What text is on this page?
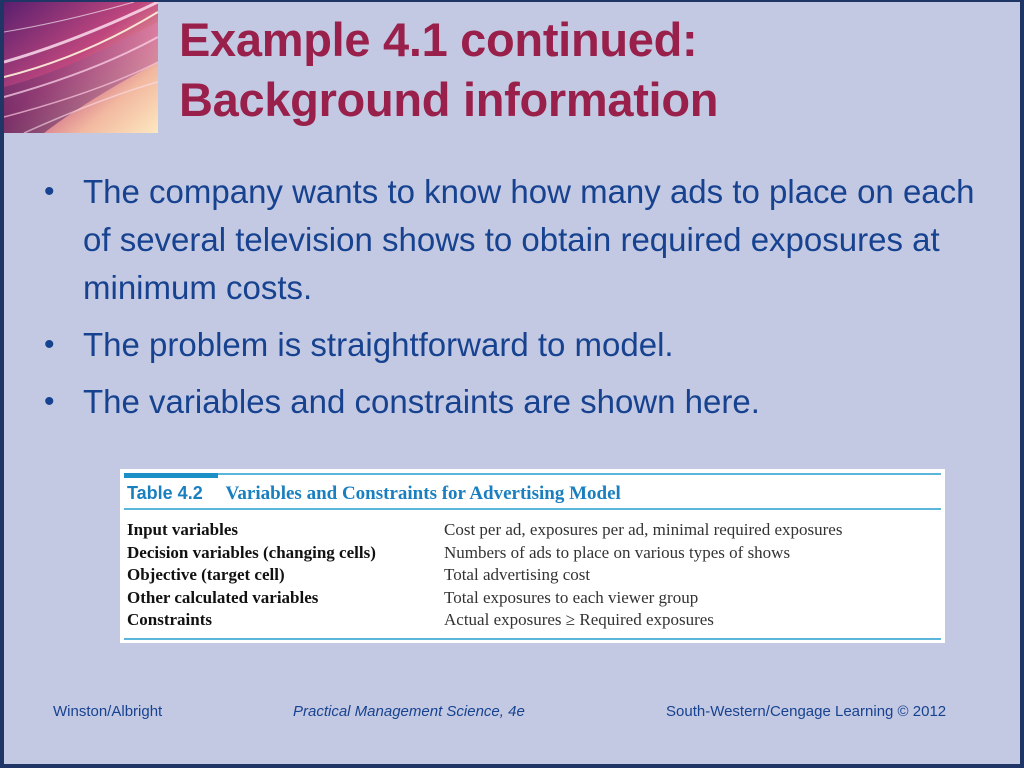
Example 4.1 continued:
Background information
• The company wants to know how many ads to place on each of several television shows to obtain required exposures at minimum costs.
• The problem is straightforward to model.
• The variables and constraints are shown here.
Table 4.2 Variables and Constraints for Advertising Model
Input variables	Cost per ad, exposures per ad, minimal required exposures
Decision variables (changing cells)	Numbers of ads to place on various types of shows
Objective (target cell)	Total advertising cost
Other calculated variables	Total exposures to each viewer group
Constraints	Actual exposures ≥ Required exposures
Winston/Albright	Practical Management Science, 4e	South-Western/Cengage Learning © 2012
